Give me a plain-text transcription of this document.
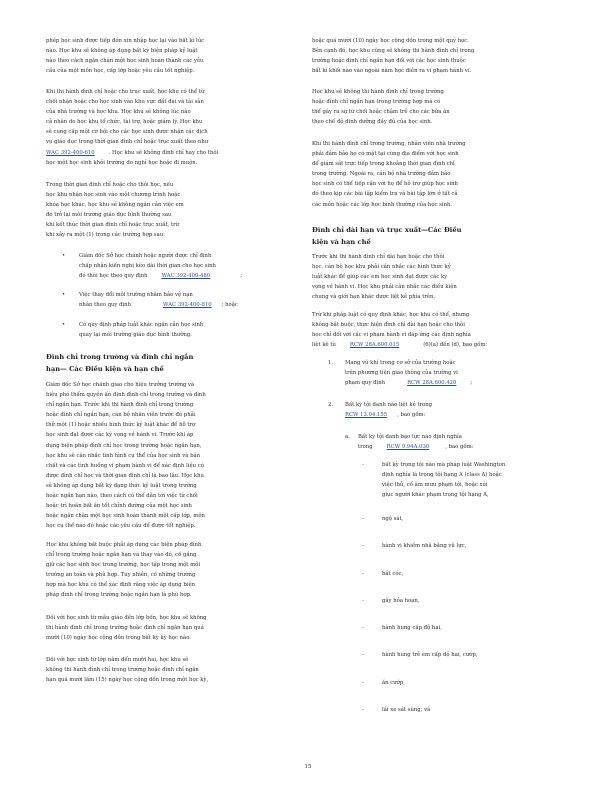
phép học sinh được tiếp đón xin nhập học lại vào bất kì lúc
nào. Học khu sẽ không áp dụng bất kỳ biện pháp kỷ luật
nào theo cách ngăn chặn một học sinh hoàn thành các yêu
cầu của một môn học, cấp lớp hoặc yêu cầu tốt nghiệp.
Khi thi hành đình chỉ hoặc cho trục xuất, học khu có thể từ
chối nhận hoặc cho học sinh vào khu vực đất đai và tài sản
của nhà trường và học khu. Học khu sẽ không lúc nào
cả nhân do học khu tổ chức, tài trợ, hoặc giám lý. Học khu
sẽ cung cấp một cơ hội cho các học sinh được nhận các dịch
vụ giáo dục trong thời gian đình chỉ hoặc trục xuất theo như
WAC 392-400-610	. Học khu sẽ không đình chỉ hay cho thôi
học một học sinh khỏi trường do nghỉ học hoặc đi muộn.
Trong thời gian đình chỉ hoặc cho thôi học, nếu
học khu nhận học sinh vào một chương trình hoặc
khóa học khác, học khu sẽ không ngăn cản việc em
đó trở lại môi trường giáo dục bình thường sau
khi kết thúc thời gian đình chỉ hoặc trục xuất, trừ
khi xảy ra một (1) trong các trường hợp sau:
•	Giám đốc Sở học chánh hoặc người được chỉ định
chấp nhận kiến nghị kéo dài thời gian cho học sinh
đó thôi học theo quy định	WAC 392-400-480	;
•	Việc thay đổi môi trường nhằm bảo vệ nạn
nhân theo quy định	WAC 392-400-810 ; hoặc
•	Có quy định pháp luật khác ngăn cản học sinh
quay lại môi trường giáo dục bình thường.
Đình chỉ trong trường và đình chỉ ngắn
hạn— Các Điều kiện và hạn chế
Giám đốc Sở học chánh giao cho hiệu trưởng trường và
hiệu phó thẩm quyền ấn định đình chỉ trong trường và đình
chỉ ngắn hạn. Trước khi thi hành đình chỉ trong trường
hoặc đình chỉ ngắn hạn, cán bộ nhân viên trước đó phải
thử một (1) hoặc nhiều hình thức kỷ luật khác để hỗ trợ
học sinh đạt được các kỳ vọng về hành vi. Trước khi áp
dụng biện pháp đình chỉ học trong trường hoặc ngắn hạn,
học khu sẽ cân nhắc tình hình cụ thể của học sinh và bản
chất và các tình huống vi phạm hành vi để xác định liệu có
được đình chỉ học và thời gian đình chỉ là bao lâu. Học khu
sẽ không áp dụng bất kỳ dạng thức kỷ luật trong trường
hoặc ngắn hạn nào, theo cách có thể dẫn tới việc từ chối
hoặc trì hoãn bất ân tốt chỉnh đường của một học sinh
hoặc ngăn chặn một học sinh hoàn thành một cấp lớp, môn
học cụ thể nào đó hoặc các yêu cầu để được tốt nghiệp.
Học khu không bắt buộc phải áp dụng các biện pháp đình
chỉ trong trường hoặc ngắn hạn và thay vào đó, cố gắng
giữ các học sinh học trong trường, học tập trong một môi
trường an toàn và phù hợp. Tuy nhiên, có những trường
hợp mà học khu có thể xác định rằng việc áp dụng biện
pháp đình chỉ trong trường hoặc ngắn hạn là phù hợp.
Đối với học sinh từ mẫu giáo đến lớp bốn, học khu sẽ không
thi hành đình chỉ trong trường hoặc đình chỉ ngắn hạn quá
mười (10) ngày học cộng dồn trong bất kỳ kỳ học nào.
Đối với học sinh từ lớp năm đến mười hai, học khu sẽ
không thi hành đình chỉ trong trường hoặc đình chỉ ngắn
hạn quá mười lăm (15) ngày học cộng dồn trong một học kỳ,
hoặc quá mười (10) ngày học cộng dồn trong một quý học.
Bên cạnh đó, học khu cũng sẽ không thi hành đình chỉ trong
trường hoặc đình chỉ ngắn hạn đối với các học sinh thuộc
bất kì khối nào vào ngoài năm học diễn ra vi phạm hành vi.
Học khu sẽ không thi hành đình chỉ trong trường
hoặc đình chỉ ngắn hạn trong trường hợp mà có
thể gây ra sự từ chối hoặc chậm trễ cho các bữa ăn
theo chế độ dinh dưỡng đầy đủ của học sinh.
Khi thi hành đình chỉ trong trường, nhân viên nhà trường
phải đảm bảo họ có mặt tại cùng địa điểm với học sinh
để giám sát trực tiếp trong khoảng thời gian đình chỉ
trong trường. Ngoài ra, cán bộ nhà trường đảm bảo
học sinh có thể tiếp cận với họ để hỗ trợ giúp học sinh
đó theo kịp các bài tập kiểm tra và bài tập lớn ở tất cả
các môn hoặc các lớp học bình thường của học sinh.
Đình chỉ dài hạn và trục xuất—Các Điều
kiện và hạn chế
Trước khi thi hành đình chỉ dài hạn hoặc cho thôi
học, cán bộ học khu phải cân nhắc các hình thức kỷ
luật khác để giúp các em học sinh đạt được các kỳ
vọng về hành vi. Học khu phải cân nhắc các điều kiện
chung và giới hạn khác được liệt kê phía trên.
Trừ khi pháp luật có quy định khác, học khu có thể, nhưng
không bắt buộc, thực hiện đình chỉ dài hạn hoặc cho thôi
học chỉ đối với các vi phạm hành vi đáp ứng các định nghĩa
liệt kê tù	RCW 28A.600.015	(6)(a) đến (d), bao gồm:
1.	Mang vũ khí trong cơ sở của trường hoặc
trên phương tiện giao thông của trường vi
phạm quy định	RCW 28A.600.420	;
2.	Bất kỳ tội danh nào liệt kê trong
RCW 13.04.155 , bao gồm:
a.	Bất kỳ tội danh bạo lực nào định nghĩa
trong	RCW 9.94A.030	, bao gồm:
-	bất kỳ trọng tội nào mà pháp luật Washington
định nghĩa là trọng tội hạng A (class A) hoặc
việc thủ, cố âm mưu phạm tội, hoặc xúi
giục người khác phạm trọng tội hạng A,
-	ngộ sát,
-	hành vi khiếm nhã bằng vũ lực,
-	bắt cóc,
-	gây hỏa hoạn,
-	hành hung cấp độ hai,
-	hành hung trẻ em cấp độ hai, cướp,
-	ăn cướp,
-	lái xe sát sùng; và
15
